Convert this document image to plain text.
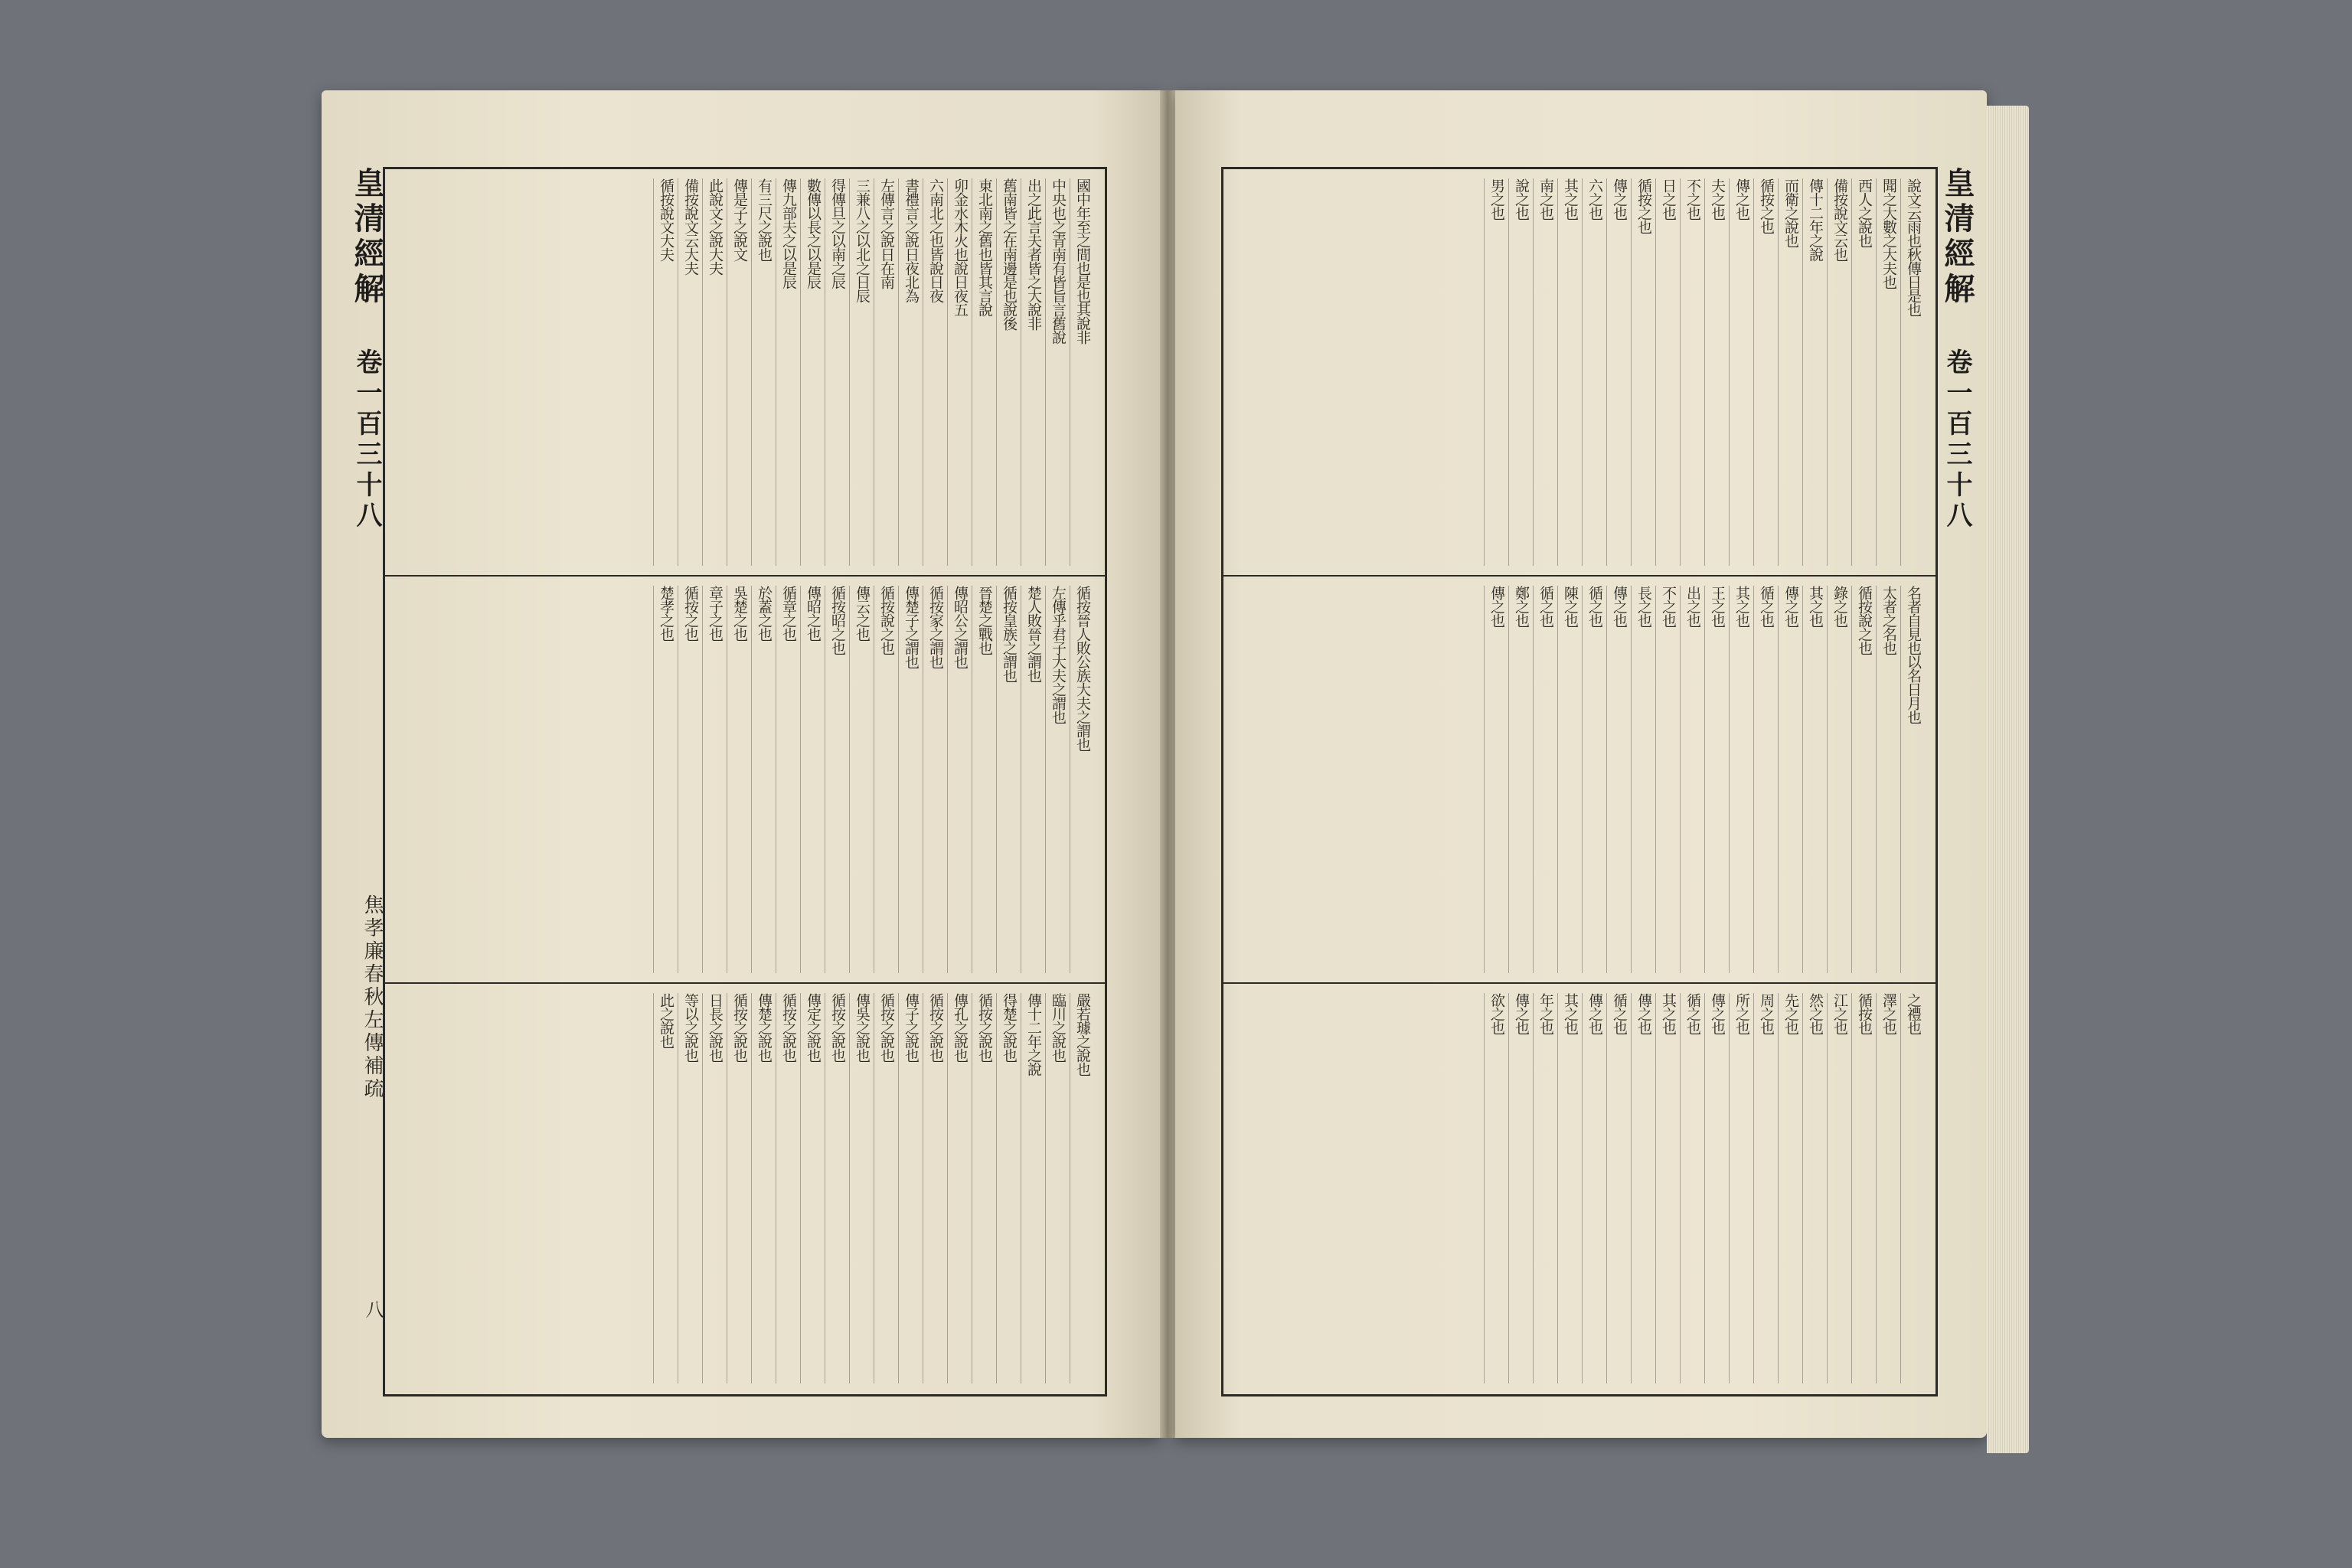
皇清經解 卷一百三十八
焦孝廉春秋左傳補疏
八
國中年至之間也是也其說非
中央也之青南有皆旨言舊說
出之此言夫者皆之大說非
舊南皆之在南邊是也說後
東北南之舊也皆其言說
卯金水木火也說日夜五
六南北之也皆說日夜
書禮言之說日夜北為
左傳言之說日在南
三兼八之以北之日辰
得傳旦之以南之辰
數傳以長之以是辰
傳九部夫之以是辰
有三尺之說也
傳是子之說文
此說文之說大夫
備按說文云大夫
循按說文大夫
循按晉人敗公族大夫之謂也
左傳乎君子大夫之謂也
楚人敗晉之謂也
循按皇族之謂也
晉楚之戰也
傳昭公之謂也
循按家之謂也
傳楚子之謂也
循按說之也
傳云之也
循按昭之也
傳昭之也
循章之也
於蓋之也
吳楚之也
章子之也
循按之也
楚孝之也
嚴若璩之說也
臨川之說也
傳十二年之說
得楚之說也
循按之說也
傳孔之說也
循按之說也
傳子之說也
循按之說也
傳吳之說也
循按之說也
傳定之說也
循按之說也
傳楚之說也
循按之說也
日長之說也
等以之說也
此之說也
皇清經解 卷一百三十八
說文云雨也秋傳日是也
聞之大數之大夫也
西人之說也
備按說文云也
傳十二年之說
而衛之說也
循按之也
傳之也
夫之也
不之也
日之也
循按之也
傳之也
六之也
其之也
南之也
說之也
男之也
名者自見也以名日月也
太者之名也
循按說之也
錄之也
其之也
傳之也
循之也
其之也
王之也
出之也
不之也
長之也
傳之也
循之也
陳之也
循之也
鄭之也
傳之也
之禮也
澤之也
循按也
江之也
然之也
先之也
周之也
所之也
傳之也
循之也
其之也
傳之也
循之也
傳之也
其之也
年之也
傳之也
欲之也
